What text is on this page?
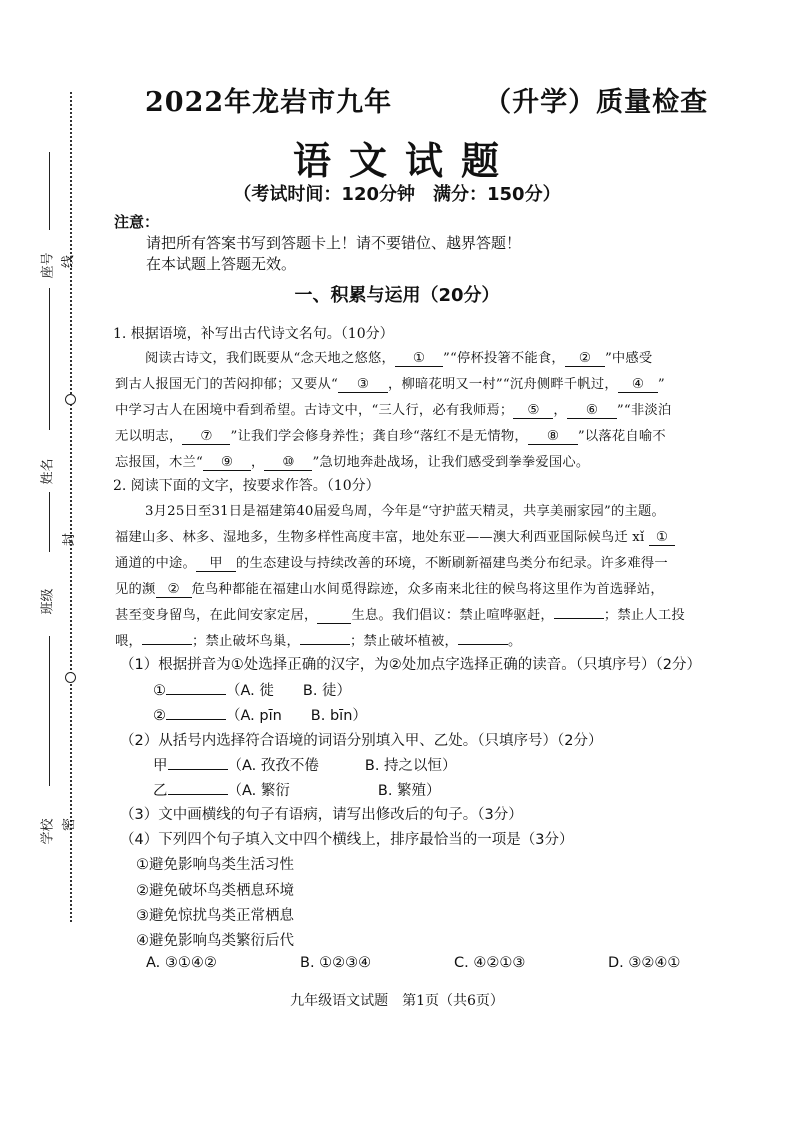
座号 线
姓名
封
班级
学校 密
2022年龙岩市九年	（升学）质量检查
语文试题
（考试时间：120分钟　满分：150分）
注意：
请把所有答案书写到答题卡上！请不要错位、越界答题！
在本试题上答题无效。
一、积累与运用（20分）
1. 根据语境，补写出古代诗文名句。（10分）
阅读古诗文，我们既要从“念天地之悠悠， ① ”“停杯投箸不能食， ② ”中感受
到古人报国无门的苦闷抑郁；又要从“ ③ ，柳暗花明又一村”“沉舟侧畔千帆过， ④ ”
中学习古人在困境中看到希望。古诗文中，“三人行，必有我师焉； ⑤ ， ⑥ ”“非淡泊
无以明志， ⑦ ”让我们学会修身养性；龚自珍“落红不是无情物， ⑧ ”以落花自喻不
忘报国，木兰“ ⑨ ， ⑩ ”急切地奔赴战场，让我们感受到拳拳爱国心。
2. 阅读下面的文字，按要求作答。（10分）
3月25日至31日是福建第40届爱鸟周，今年是“守护蓝天精灵，共享美丽家园”的主题。
福建山多、林多、湿地多，生物多样性高度丰富，地处东亚——澳大利西亚国际候鸟迁 xǐ ①
通道的中途。 甲 的生态建设与持续改善的环境，不断刷新福建鸟类分布纪录。许多难得一
见的濒 ② 危鸟种都能在福建山水间觅得踪迹，众多南来北往的候鸟将这里作为首选驿站，
甚至变身留鸟，在此间安家定居，	生息。我们倡议：禁止喧哗驱赶，	；禁止人工投
喂，	；禁止破坏鸟巢，	；禁止破坏植被，	。
（1）根据拼音为①处选择正确的汉字，为②处加点字选择正确的读音。（只填序号）（2分）
①	（A. 徙　　B. 徒）
②	（A. pīn　　B. bīn）
（2）从括号内选择符合语境的词语分别填入甲、乙处。（只填序号）（2分）
甲	（A. 孜孜不倦	B. 持之以恒）
乙	（A. 繁衍	B. 繁殖）
（3）文中画横线的句子有语病，请写出修改后的句子。（3分）
（4）下列四个句子填入文中四个横线上，排序最恰当的一项是（3分）
①避免影响鸟类生活习性
②避免破坏鸟类栖息环境
③避免惊扰鸟类正常栖息
④避免影响鸟类繁衍后代
A. ③①④②	B. ①②③④	C. ④②①③	D. ③②④①
九年级语文试题　第1页（共6页）
